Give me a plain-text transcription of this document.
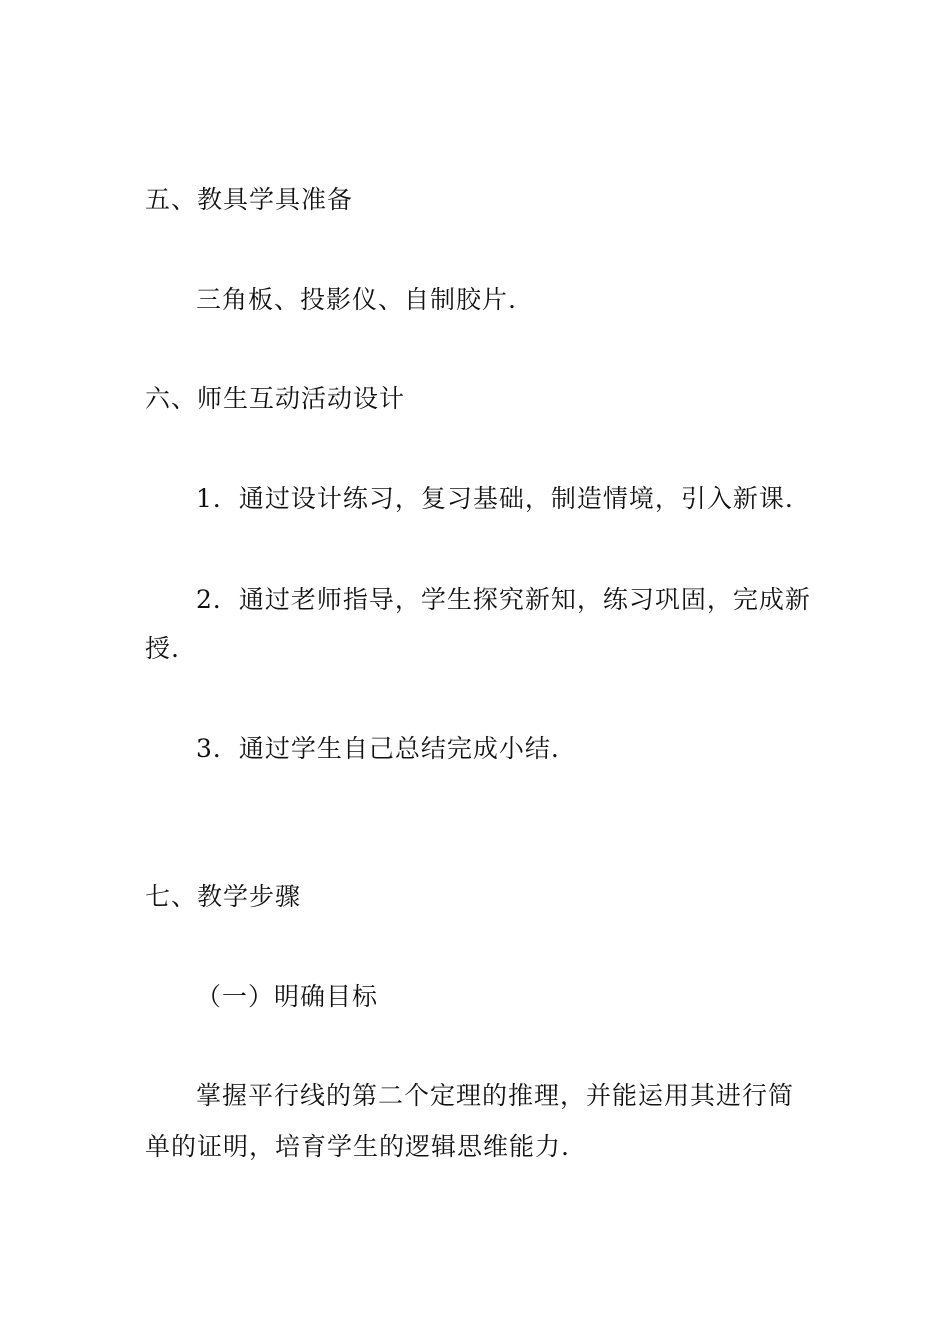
五、教具学具准备
三角板、投影仪、自制胶片.
六、师生互动活动设计
1．通过设计练习，复习基础，制造情境，引入新课.
2．通过老师指导，学生探究新知，练习巩固，完成新
授.
3．通过学生自己总结完成小结.
七、教学步骤
（一）明确目标
掌握平行线的第二个定理的推理，并能运用其进行简
单的证明，培育学生的逻辑思维能力.
